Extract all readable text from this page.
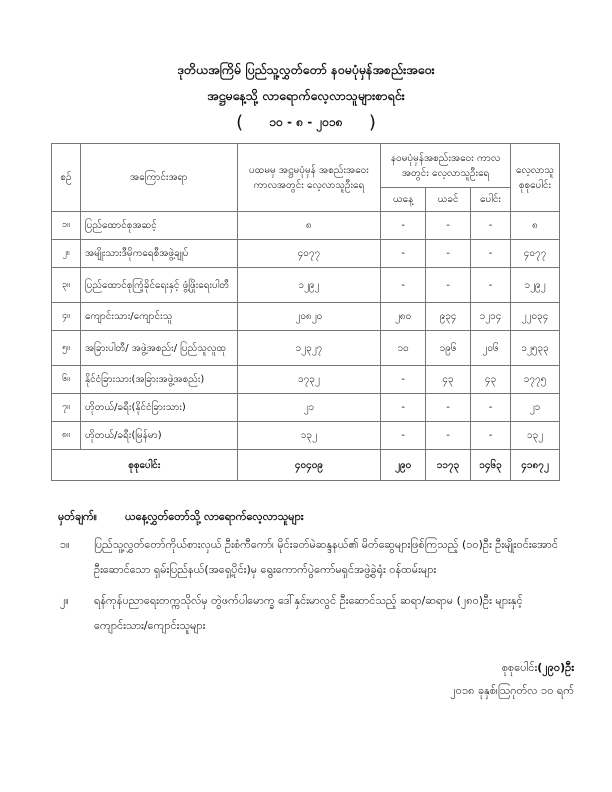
ဒုတိယအကြိမ် ပြည်သူ့လွှတ်တော် နဝမပုံမှန်အစည်းအဝေး
အဋ္ဌမနေ့သို့ လာရောက်လေ့လာသူများစာရင်း
( ၁၀ - ၈ - ၂၀၁၈ )
စဉ်	အကြောင်းအရာ	ပထမမှ အဋ္ဌမပုံမှန် အစည်းအဝေးကာလအတွင်း လေ့လာသူဦးရေ	နဝမပုံမှန်အစည်းအဝေး ကာလအတွင်း လေ့လာသူဦးရေ			လေ့လာသူ စုစုပေါင်း
			ယနေ့	ယခင်	ပေါင်း	
၁။	ပြည်ထောင်စုအဆင့်	၈	-	-	-	၈
၂။	အမျိုးသားဒီမိုကရေစီအဖွဲ့ချုပ်	၄၀၇၇	-	-	-	၄၀၇၇
၃။	ပြည်ထောင်စုကြံ့ခိုင်ရေးနှင့် ဖွံ့ဖြိုးရေးပါတီ	၁၂၉၂	-	-	-	၁၂၉၂
၄။	ကျောင်းသား/ကျောင်းသူ	၂၀၈၂၀	၂၈၀	၉၃၄	၁၂၁၄	၂၂၀၃၄
၅။	အခြားပါတီ/ အဖွဲ့အစည်း/ ပြည်သူလူထု	၁၂၃၂၇	၁၀	၁၉၆	၂၀၆	၁၂၅၃၃
၆။	နိုင်ငံခြားသား(အခြားအဖွဲ့အစည်း)	၁၇၃၂	-	၄၃	၄၃	၁၇၇၅
၇။	ဟိုတယ်/ခရီး(နိုင်ငံခြားသား)	၂၁	-	-	-	၂၁
၈။	ဟိုတယ်/ခရီး(မြန်မာ)	၁၃၂	-	-	-	၁၃၂
စုစုပေါင်း		၄၀၄၀၉	၂၉၀	၁၁၇၃	၁၄၆၃	၄၁၈၇၂
မှတ်ချက်။	ယနေ့လွှတ်တော်သို့ လာရောက်လေ့လာသူများ
၁။ ပြည်သူ့လွှတ်တော်ကိုယ်စားလှယ် ဦးစံကီကော်၊ မိုင်းခတ်မဲဆန္ဒနယ်၏ မိတ်ဆွေများဖြစ်ကြသည့် (၁၀)ဦး ဦးမျိုးဝင်းအောင် ဦးဆောင်သော ရှမ်းပြည်နယ်(အရှေ့ပိုင်း)မှ ရွေးကောက်ပွဲကော်မရှင်အဖွဲ့ခွဲရုံး ဝန်ထမ်းများ
၂။ ရန်ကုန်ပညာရေးတက္ကသိုလ်မှ တွဲဖက်ပါမောက္ခ ဒေါ်နှင်းမာလွင် ဦးဆောင်သည့် ဆရာ/ဆရာမ (၂၈၀)ဦး များနှင့် ကျောင်းသား/ကျောင်းသူများ
စုစုပေါင်း(၂၉၀)ဦး
၂၀၁၈ ခုနှစ်၊ဩဂုတ်လ ၁၀ ရက်
